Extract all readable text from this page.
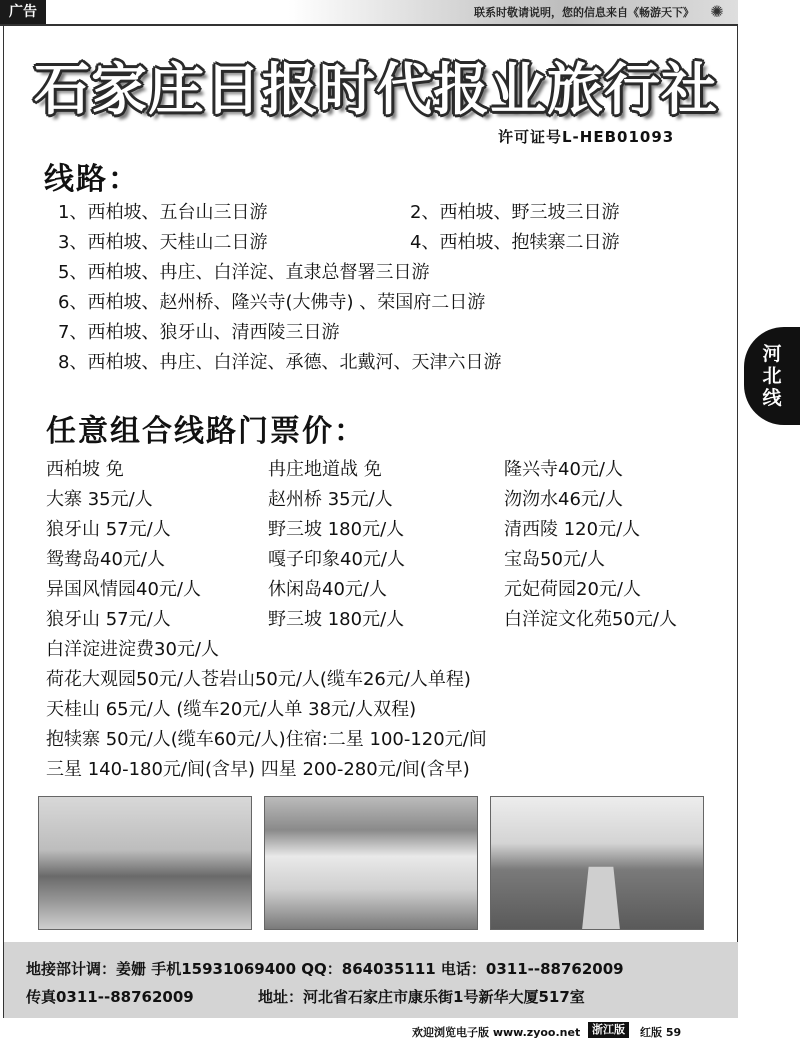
广告	联系时敬请说明，您的信息来自《畅游天下》	✺
河
北
线
石家庄日报时代报业旅行社
许可证号L-HEB01093
线路：
1、西柏坡、五台山三日游	2、西柏坡、野三坡三日游
3、西柏坡、天桂山二日游	4、西柏坡、抱犊寨二日游
5、西柏坡、冉庄、白洋淀、直隶总督署三日游
6、西柏坡、赵州桥、隆兴寺(大佛寺) 、荣国府二日游
7、西柏坡、狼牙山、清西陵三日游
8、西柏坡、冉庄、白洋淀、承德、北戴河、天津六日游
任意组合线路门票价：
西柏坡 免	冉庄地道战 免	隆兴寺40元/人
大寨 35元/人	赵州桥 35元/人	沕沕水46元/人
狼牙山 57元/人	野三坡 180元/人	清西陵 120元/人
鸳鸯岛40元/人	嘎子印象40元/人	宝岛50元/人
异国风情园40元/人	休闲岛40元/人	元妃荷园20元/人
狼牙山 57元/人	野三坡 180元/人	白洋淀文化苑50元/人
白洋淀进淀费30元/人
荷花大观园50元/人苍岩山50元/人(缆车26元/人单程)
天桂山 65元/人 (缆车20元/人单 38元/人双程)
抱犊寨 50元/人(缆车60元/人)住宿:二星 100-120元/间
三星 140-180元/间(含早) 四星 200-280元/间(含早)
地接部计调：姜姗 手机15931069400 QQ：864035111 电话：0311--88762009
传真0311--88762009	地址：河北省石家庄市康乐街1号新华大厦517室
欢迎浏览电子版 www.zyoo.net	浙江版	红版 59
